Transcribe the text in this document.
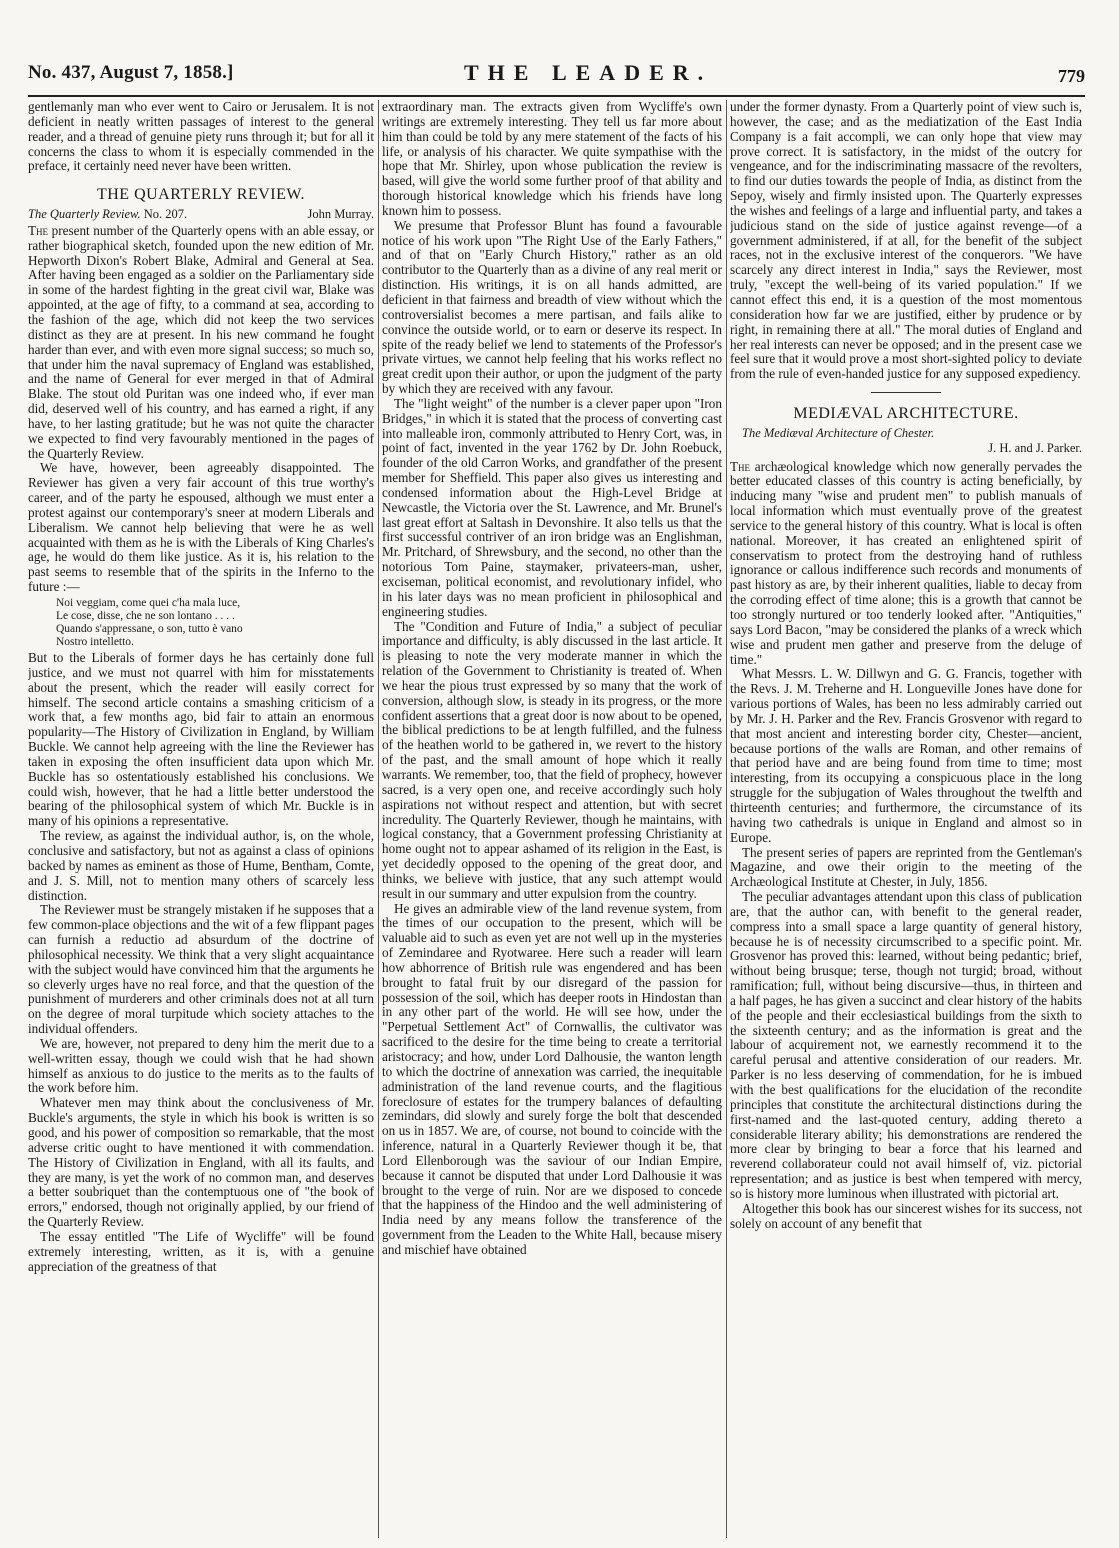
No. 437, August 7, 1858.]	THE LEADER.	779

gentlemanly man who ever went to Cairo or Jerusalem. It is not deficient in neatly written passages of interest to the general reader, and a thread of genuine piety runs through it; but for all it concerns the class to whom it is especially commended in the preface, it certainly need never have been written.

THE QUARTERLY REVIEW.
The Quarterly Review. No. 207.	John Murray.

The present number of the Quarterly opens with an able essay, or rather biographical sketch, founded upon the new edition of Mr. Hepworth Dixon's Robert Blake, Admiral and General at Sea. After having been engaged as a soldier on the Parliamentary side in some of the hardest fighting in the great civil war, Blake was appointed, at the age of fifty, to a command at sea, according to the fashion of the age, which did not keep the two services distinct as they are at present. In his new command he fought harder than ever, and with even more signal success; so much so, that under him the naval supremacy of England was established, and the name of General for ever merged in that of Admiral Blake. The stout old Puritan was one indeed who, if ever man did, deserved well of his country, and has earned a right, if any have, to her lasting gratitude; but he was not quite the character we expected to find very favourably mentioned in the pages of the Quarterly Review.

We have, however, been agreeably disappointed. The Reviewer has given a very fair account of this true worthy's career, and of the party he espoused, although we must enter a protest against our contemporary's sneer at modern Liberals and Liberalism. We cannot help believing that were he as well acquainted with them as he is with the Liberals of King Charles's age, he would do them like justice. As it is, his relation to the past seems to resemble that of the spirits in the Inferno to the future :—

Noi veggiam, come quei c'ha mala luce,
Le cose, disse, che ne son lontano . . . .
Quando s'appressane, o son, tutto è vano
Nostro intelletto.

But to the Liberals of former days he has certainly done full justice, and we must not quarrel with him for misstatements about the present, which the reader will easily correct for himself. The second article contains a smashing criticism of a work that, a few months ago, bid fair to attain an enormous popularity—The History of Civilization in England, by William Buckle. We cannot help agreeing with the line the Reviewer has taken in exposing the often insufficient data upon which Mr. Buckle has so ostentatiously established his conclusions. We could wish, however, that he had a little better understood the bearing of the philosophical system of which Mr. Buckle is in many of his opinions a representative.

The review, as against the individual author, is, on the whole, conclusive and satisfactory, but not as against a class of opinions backed by names as eminent as those of Hume, Bentham, Comte, and J. S. Mill, not to mention many others of scarcely less distinction.

The Reviewer must be strangely mistaken if he supposes that a few common-place objections and the wit of a few flippant pages can furnish a reductio ad absurdum of the doctrine of philosophical necessity. We think that a very slight acquaintance with the subject would have convinced him that the arguments he so cleverly urges have no real force, and that the question of the punishment of murderers and other criminals does not at all turn on the degree of moral turpitude which society attaches to the individual offenders.

We are, however, not prepared to deny him the merit due to a well-written essay, though we could wish that he had shown himself as anxious to do justice to the merits as to the faults of the work before him.

Whatever men may think about the conclusiveness of Mr. Buckle's arguments, the style in which his book is written is so good, and his power of composition so remarkable, that the most adverse critic ought to have mentioned it with commendation. The History of Civilization in England, with all its faults, and they are many, is yet the work of no common man, and deserves a better soubriquet than the contemptuous one of "the book of errors," endorsed, though not originally applied, by our friend of the Quarterly Review.

The essay entitled "The Life of Wycliffe" will be found extremely interesting, written, as it is, with a genuine appreciation of the greatness of that

extraordinary man. The extracts given from Wycliffe's own writings are extremely interesting. They tell us far more about him than could be told by any mere statement of the facts of his life, or analysis of his character. We quite sympathise with the hope that Mr. Shirley, upon whose publication the review is based, will give the world some further proof of that ability and thorough historical knowledge which his friends have long known him to possess.

We presume that Professor Blunt has found a favourable notice of his work upon "The Right Use of the Early Fathers," and of that on "Early Church History," rather as an old contributor to the Quarterly than as a divine of any real merit or distinction. His writings, it is on all hands admitted, are deficient in that fairness and breadth of view without which the controversialist becomes a mere partisan, and fails alike to convince the outside world, or to earn or deserve its respect. In spite of the ready belief we lend to statements of the Professor's private virtues, we cannot help feeling that his works reflect no great credit upon their author, or upon the judgment of the party by which they are received with any favour.

The "light weight" of the number is a clever paper upon "Iron Bridges," in which it is stated that the process of converting cast into malleable iron, commonly attributed to Henry Cort, was, in point of fact, invented in the year 1762 by Dr. John Roebuck, founder of the old Carron Works, and grandfather of the present member for Sheffield. This paper also gives us interesting and condensed information about the High-Level Bridge at Newcastle, the Victoria over the St. Lawrence, and Mr. Brunel's last great effort at Saltash in Devonshire. It also tells us that the first successful contriver of an iron bridge was an Englishman, Mr. Pritchard, of Shrewsbury, and the second, no other than the notorious Tom Paine, staymaker, privateers-man, usher, exciseman, political economist, and revolutionary infidel, who in his later days was no mean proficient in philosophical and engineering studies.

The "Condition and Future of India," a subject of peculiar importance and difficulty, is ably discussed in the last article. It is pleasing to note the very moderate manner in which the relation of the Government to Christianity is treated of. When we hear the pious trust expressed by so many that the work of conversion, although slow, is steady in its progress, or the more confident assertions that a great door is now about to be opened, the biblical predictions to be at length fulfilled, and the fulness of the heathen world to be gathered in, we revert to the history of the past, and the small amount of hope which it really warrants. We remember, too, that the field of prophecy, however sacred, is a very open one, and receive accordingly such holy aspirations not without respect and attention, but with secret incredulity. The Quarterly Reviewer, though he maintains, with logical constancy, that a Government professing Christianity at home ought not to appear ashamed of its religion in the East, is yet decidedly opposed to the opening of the great door, and thinks, we believe with justice, that any such attempt would result in our summary and utter expulsion from the country.

He gives an admirable view of the land revenue system, from the times of our occupation to the present, which will be valuable aid to such as even yet are not well up in the mysteries of Zemindaree and Ryotwaree. Here such a reader will learn how abhorrence of British rule was engendered and has been brought to fatal fruit by our disregard of the passion for possession of the soil, which has deeper roots in Hindostan than in any other part of the world. He will see how, under the "Perpetual Settlement Act" of Cornwallis, the cultivator was sacrificed to the desire for the time being to create a territorial aristocracy; and how, under Lord Dalhousie, the wanton length to which the doctrine of annexation was carried, the inequitable administration of the land revenue courts, and the flagitious foreclosure of estates for the trumpery balances of defaulting zemindars, did slowly and surely forge the bolt that descended on us in 1857. We are, of course, not bound to coincide with the inference, natural in a Quarterly Reviewer though it be, that Lord Ellenborough was the saviour of our Indian Empire, because it cannot be disputed that under Lord Dalhousie it was brought to the verge of ruin. Nor are we disposed to concede that the happiness of the Hindoo and the well administering of India need by any means follow the transference of the government from the Leaden to the White Hall, because misery and mischief have obtained

under the former dynasty. From a Quarterly point of view such is, however, the case; and as the mediatization of the East India Company is a fait accompli, we can only hope that view may prove correct. It is satisfactory, in the midst of the outcry for vengeance, and for the indiscriminating massacre of the revolters, to find our duties towards the people of India, as distinct from the Sepoy, wisely and firmly insisted upon. The Quarterly expresses the wishes and feelings of a large and influential party, and takes a judicious stand on the side of justice against revenge—of a government administered, if at all, for the benefit of the subject races, not in the exclusive interest of the conquerors. "We have scarcely any direct interest in India," says the Reviewer, most truly, "except the well-being of its varied population." If we cannot effect this end, it is a question of the most momentous consideration how far we are justified, either by prudence or by right, in remaining there at all." The moral duties of England and her real interests can never be opposed; and in the present case we feel sure that it would prove a most short-sighted policy to deviate from the rule of even-handed justice for any supposed expediency.

MEDIÆVAL ARCHITECTURE.

The Mediæval Architecture of Chester.

J. H. and J. Parker.

The archæological knowledge which now generally pervades the better educated classes of this country is acting beneficially, by inducing many "wise and prudent men" to publish manuals of local information which must eventually prove of the greatest service to the general history of this country. What is local is often national. Moreover, it has created an enlightened spirit of conservatism to protect from the destroying hand of ruthless ignorance or callous indifference such records and monuments of past history as are, by their inherent qualities, liable to decay from the corroding effect of time alone; this is a growth that cannot be too strongly nurtured or too tenderly looked after. "Antiquities," says Lord Bacon, "may be considered the planks of a wreck which wise and prudent men gather and preserve from the deluge of time."

What Messrs. L. W. Dillwyn and G. G. Francis, together with the Revs. J. M. Treherne and H. Longueville Jones have done for various portions of Wales, has been no less admirably carried out by Mr. J. H. Parker and the Rev. Francis Grosvenor with regard to that most ancient and interesting border city, Chester—ancient, because portions of the walls are Roman, and other remains of that period have and are being found from time to time; most interesting, from its occupying a conspicuous place in the long struggle for the subjugation of Wales throughout the twelfth and thirteenth centuries; and furthermore, the circumstance of its having two cathedrals is unique in England and almost so in Europe.

The present series of papers are reprinted from the Gentleman's Magazine, and owe their origin to the meeting of the Archæological Institute at Chester, in July, 1856.

The peculiar advantages attendant upon this class of publication are, that the author can, with benefit to the general reader, compress into a small space a large quantity of general history, because he is of necessity circumscribed to a specific point. Mr. Grosvenor has proved this: learned, without being pedantic; brief, without being brusque; terse, though not turgid; broad, without ramification; full, without being discursive—thus, in thirteen and a half pages, he has given a succinct and clear history of the habits of the people and their ecclesiastical buildings from the sixth to the sixteenth century; and as the information is great and the labour of acquirement not, we earnestly recommend it to the careful perusal and attentive consideration of our readers. Mr. Parker is no less deserving of commendation, for he is imbued with the best qualifications for the elucidation of the recondite principles that constitute the architectural distinctions during the first-named and the last-quoted century, adding thereto a considerable literary ability; his demonstrations are rendered the more clear by bringing to bear a force that his learned and reverend collaborateur could not avail himself of, viz. pictorial representation; and as justice is best when tempered with mercy, so is history more luminous when illustrated with pictorial art.

Altogether this book has our sincerest wishes for its success, not solely on account of any benefit that
